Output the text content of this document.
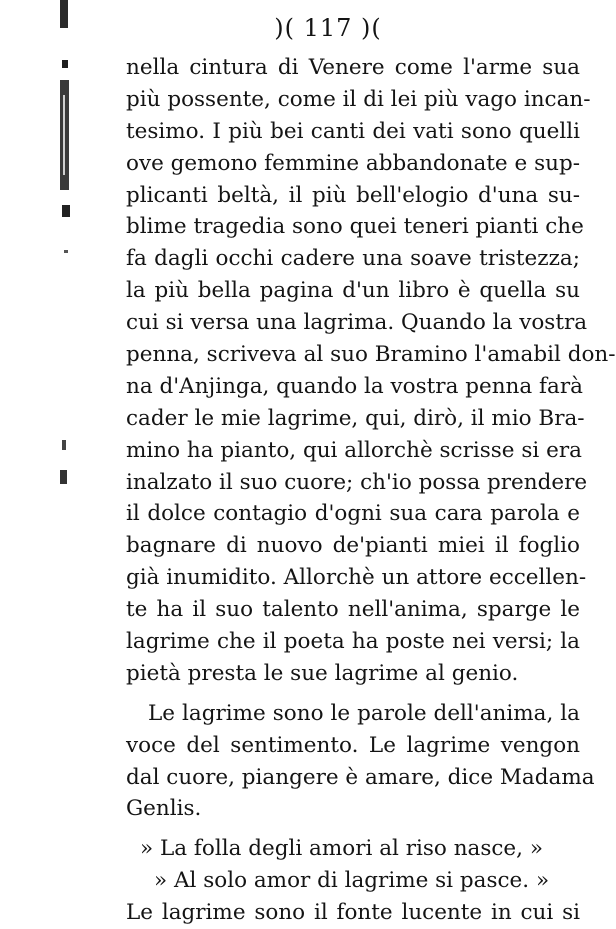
)( 117 )(
nella cintura di Venere come l'arme sua
più possente, come il di lei più vago incan-
tesimo. I più bei canti dei vati sono quelli
ove gemono femmine abbandonate e sup-
plicanti beltà, il più bell'elogio d'una su-
blime tragedia sono quei teneri pianti che
fa dagli occhi cadere una soave tristezza;
la più bella pagina d'un libro è quella su
cui si versa una lagrima. Quando la vostra
penna, scriveva al suo Bramino l'amabil don-
na d'Anjinga, quando la vostra penna farà
cader le mie lagrime, qui, dirò, il mio Bra-
mino ha pianto, qui allorchè scrisse si era
inalzato il suo cuore; ch'io possa prendere
il dolce contagio d'ogni sua cara parola e
bagnare di nuovo de'pianti miei il foglio
già inumidito. Allorchè un attore eccellen-
te ha il suo talento nell'anima, sparge le
lagrime che il poeta ha poste nei versi; la
pietà presta le sue lagrime al genio.
Le lagrime sono le parole dell'anima, la
voce del sentimento. Le lagrime vengon
dal cuore, piangere è amare, dice Madama
Genlis.
» La folla degli amori al riso nasce, »
» Al solo amor di lagrime si pasce. »
Le lagrime sono il fonte lucente in cui si
